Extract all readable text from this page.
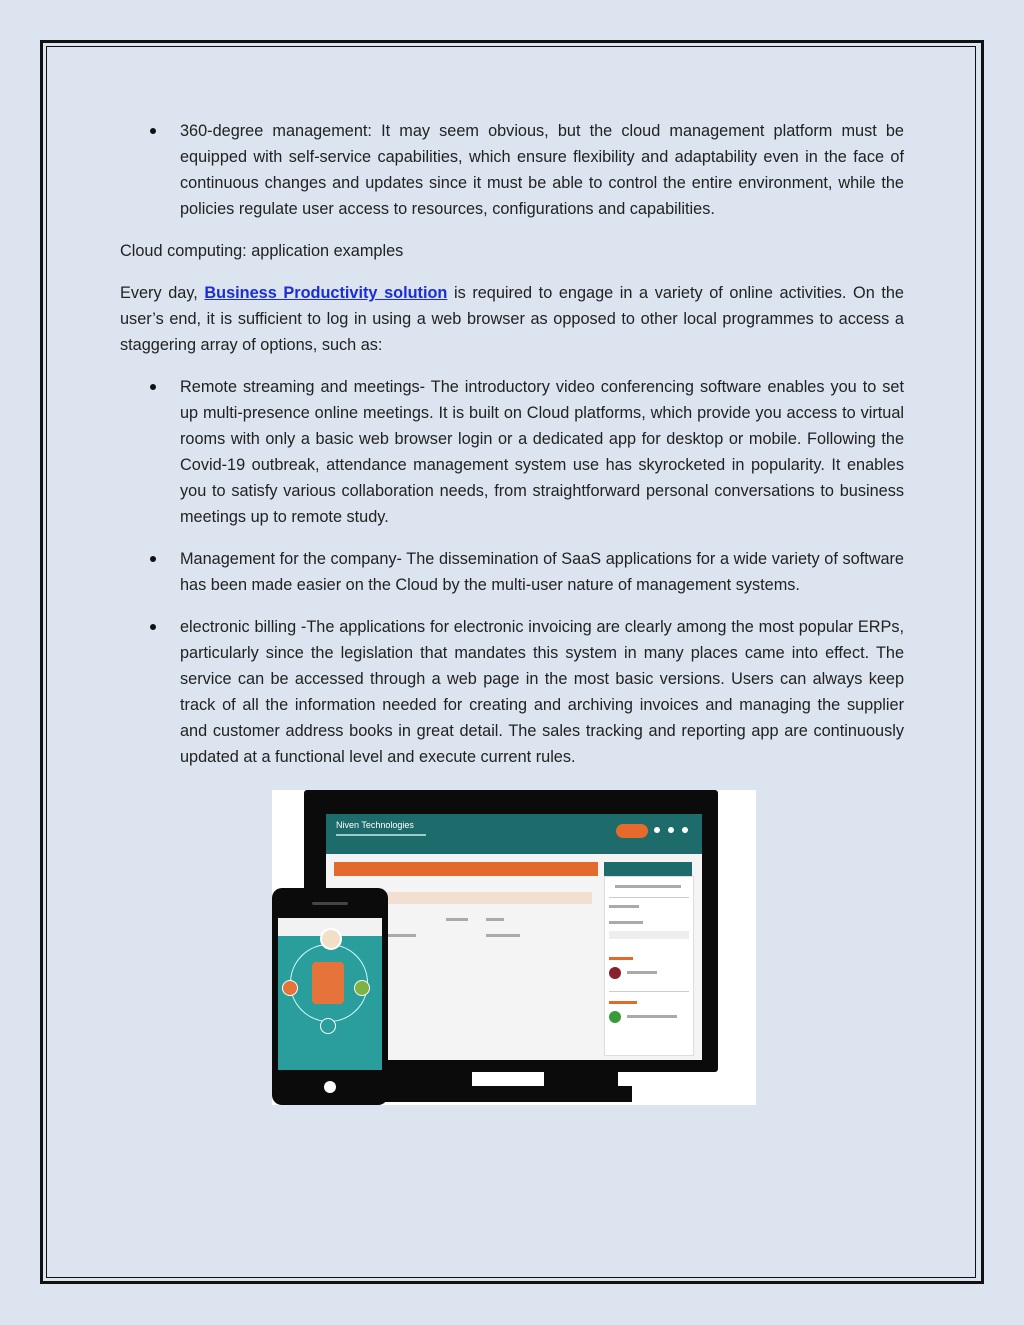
360-degree management: It may seem obvious, but the cloud management platform must be equipped with self-service capabilities, which ensure flexibility and adaptability even in the face of continuous changes and updates since it must be able to control the entire environment, while the policies regulate user access to resources, configurations and capabilities.

Cloud computing: application examples

Every day, Business Productivity solution is required to engage in a variety of online activities. On the user’s end, it is sufficient to log in using a web browser as opposed to other local programmes to access a staggering array of options, such as:

Remote streaming and meetings- The introductory video conferencing software enables you to set up multi-presence online meetings. It is built on Cloud platforms, which provide you access to virtual rooms with only a basic web browser login or a dedicated app for desktop or mobile. Following the Covid-19 outbreak, attendance management system use has skyrocketed in popularity. It enables you to satisfy various collaboration needs, from straightforward personal conversations to business meetings up to remote study.
Management for the company- The dissemination of SaaS applications for a wide variety of software has been made easier on the Cloud by the multi-user nature of management systems.
electronic billing -The applications for electronic invoicing are clearly among the most popular ERPs, particularly since the legislation that mandates this system in many places came into effect. The service can be accessed through a web page in the most basic versions. Users can always keep track of all the information needed for creating and archiving invoices and managing the supplier and customer address books in great detail. The sales tracking and reporting app are continuously updated at a functional level and execute current rules.
Niven Technologies
